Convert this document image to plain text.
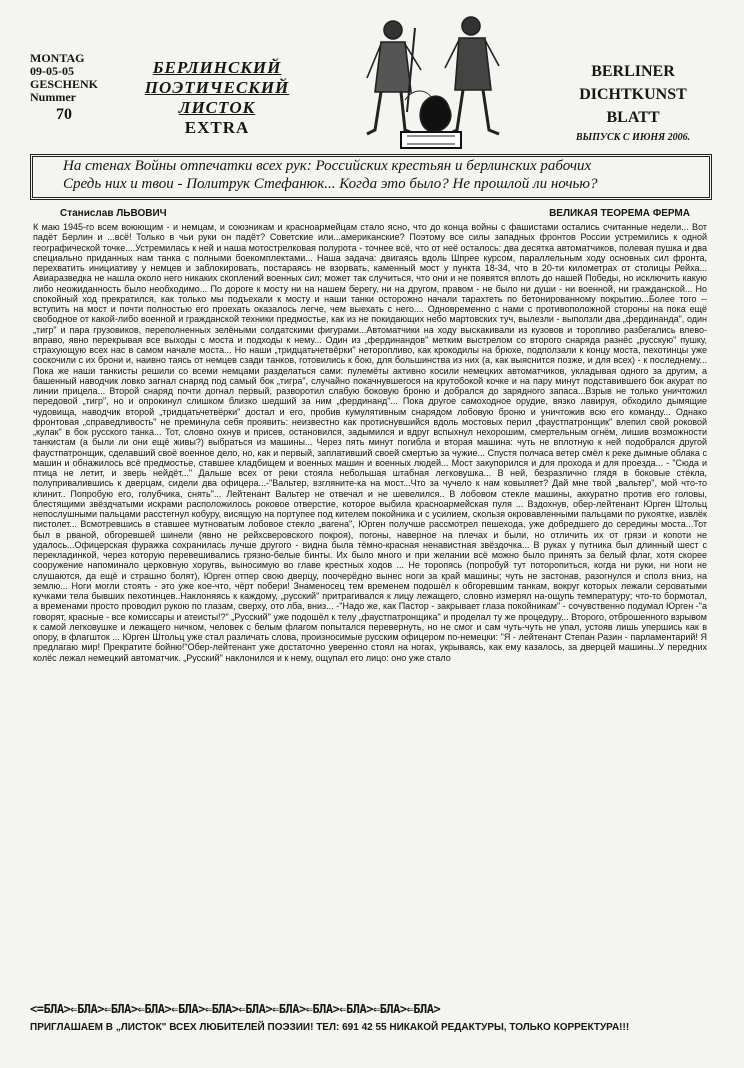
MONTAG
09-05-05
GESCHENK
Nummer
70
БЕРЛИНСКИЙ
ПОЭТИЧЕСКИЙ
ЛИСТОК
EXTRA
BERLINER
DICHTKUNST
BLATT
ВЫПУСК С ИЮНЯ 2006.
На стенах Войны отпечатки всех рук: Российских крестьян и берлинских рабочих
Средь них и твои - Политрук Стефанюк... Когда это было? Не прошлой ли ночью?
Станислав ЛЬВОВИЧ	ВЕЛИКАЯ ТЕОРЕМА ФЕРМА

К маю 1945-го всем воюющим - и немцам, и союзникам и красноармейцам стало ясно, что до конца войны с фашистами остались считанные недели... Вот падёт Берлин и ...всё! Только в чьи руки он падёт? Советские или...американские? Поэтому все силы западных фронтов России устремились к одной географической точке....Устремилась к ней и наша мотострелковая полурота - точнее всё, что от неё осталось: два десятка автоматчиков, полевая пушка и два специально приданных нам танка с полными боекомплектами... Наша задача: двигаясь вдоль Шпрее курсом, параллельным ходу основных сил фронта, перехватить инициативу у немцев и заблокировать, постараясь не взорвать, каменный мост у пункта 18-34, что в 20-ти километрах от столицы Рейха... Авиаразведка не нашла около него никаких скоплений военных сил; может так случиться, что они и не появятся вплоть до нашей Победы, но исключить какую либо неожиданность было необходимо... По дороге к мосту ни на нашем берегу, ни на другом, правом - не было ни души - ни военной, ни гражданской... Но спокойный ход прекратился, как только мы подъехали к мосту и наши танки осторожно начали тарахтеть по бетонированному покрытию...Более того -- вступить на мост и почти полностью его проехать оказалось легче, чем выехать с него.... Одновременно с нами с противоположной стороны на пока ещё свободное от какой-либо военной и гражданской техники предмостье, как из не покидающих небо мартовских туч, вылезли - выползли два „фердинанда", один „тигр" и пара грузовиков, переполненных зелёными солдатскими фигурами...Автоматчики на ходу выскакивали из кузовов и торопливо разбегались влево-вправо, явно перекрывая все выходы с моста и подходы к нему... Один из „фердинандов" метким выстрелом со второго снаряда разнёс „русскую" пушку, страхующую всех нас в самом начале моста... Но наши „тридцатьчетвёрки" неторопливо, как крокодилы на брюхе, подползали к концу моста, пехотинцы уже соскочили с их брони и, наивно таясь от немцев сзади танков, готовились к бою, для большинства из них (а, как выяснится позже, и для всех) - к последнему... Пока же наши танкисты решили со всеми немцами разделаться сами: пулемёты активно косили немецких автоматчиков, укладывая одного за другим, а башенный наводчик ловко загнал снаряд под самый бок „тигра", случайно покачнувшегося на крутобокой кочке и на пару минут подставившего бок акурат по линии прицела... Второй снаряд почти догнал первый, разворотил слабую боковую броню и добрался до зарядного запаса...Взрыв не только уничтожил передовой „тигр", но и опрокинул слишком близко шедший за ним „фердинанд"... Пока другое самоходное орудие, вязко лавируя, обходило дымящие чудовища, наводчик второй „тридцатьчетвёрки" достал и его, пробив кумулятивным снарядом лобовую броню и уничтожив всю его команду... Однако фронтовая „справедливость" не преминула себя проявить: неизвестно как протиснувшийся вдоль мостовых перил „фаустпатронщик" влепил свой роковой „кулак" в бок русского танка... Тот, словно охнув и присев, остановился, задымился и вдруг вспыхнул нехорошим, смертельным огнём, лишив возможности танкистам (а были ли они ещё живы?) выбраться из машины... Через пять минут погибла и вторая машина: чуть не вплотную к ней подобрался другой фаустпатронщик, сделавший своё военное дело, но, как и первый, заплативший своей смертью за чужие... Спустя полчаса ветер смёл к реке дымные облака с машин и обнажилось всё предмостье, ставшее кладбищем и военных машин и военных людей... Мост закупорился и для прохода и для проезда... - "Сюда и птица не летит, и зверь нейдёт..." Дальше всех от реки стояла небольшая штабная легковушка... В ней, безразлично глядя в боковые стёкла, полупривалившись к дверцам, сидели два офицера...-"Вальтер, взгляните-ка на мост...Что за чучело к нам ковыляет? Дай мне твой „вальтер", мой что-то клинит.. Попробую его, голубчика, снять"... Лейтенант Вальтер не отвечал и не шевелился.. В лобовом стекле машины, аккуратно против его головы, блестящими звёздчатыми искрами расположилось роковое отверстие, которое выбила красноармейская пуля ... Вздохнув, обер-лейтенант Юрген Штольц непослушными пальцами расстегнул кобуру, висящую на портупее под кителем покойника и с усилием, скользя окровавленными пальцами по рукоятке, извлёк пистолет... Всмотревшись в ставшее мутноватым лобовое стекло „вагена", Юрген получше рассмотрел пешехода, уже добредшего до середины моста...Тот был в рваной, обгоревшей шинели (явно не рейхсверовского покроя), погоны, наверное на плечах и были, но отличить их от грязи и копоти не удалось...Офицерская фуражка сохранилась лучше другого - видна была тёмно-красная ненавистная звёздочка... В руках у путника был длинный шест с перекладинкой, через которую перевешивались грязно-белые бинты. Их было много и при желании всё можно было принять за белый флаг, хотя скорее сооружение напоминало церковную хоругвь, выносимую во главе крестных ходов ... Не торопясь (попробуй тут поторопиться, когда ни руки, ни ноги не слушаются, да ещё и страшно болят), Юрген отпер свою дверцу, поочерёдно вынес ноги за край машины; чуть не застонав, разогнулся и сполз вниз, на землю... Ноги могли стоять - это уже кое-что, чёрт побери! Знаменосец тем временем подошёл к обгоревшим танкам, вокруг которых лежали сероватыми кучками тела бывших пехотинцев..Наклоняясь к каждому, „русский" притрагивался к лицу лежащего, словно измерял на-ощупь температуру; что-то бормотал, а временами просто проводил рукою по глазам, сверху, ото лба, вниз... -"Надо же, как Пастор - закрывает глаза покойникам" - сочувственно подумал Юрген -"а говорят, красные - все комиссары и атеисты!?" „Русский" уже подошёл к телу „фаустпатронщика" и проделал ту же процедуру... Второго, отброшенного взрывом к самой легковушке и лежащего ничком, человек с белым флагом попытался перевернуть, но не смог и сам чуть-чуть не упал, устояв лишь упершись как в опору, в флагшток ... Юрген Штольц уже стал различать слова, произносимые русским офицером по-немецки: "Я - лейтенант Степан Разин - парламентарий! Я предлагаю мир! Прекратите бойню!"Обер-лейтенант уже достаточно уверенно стоял на ногах, укрываясь, как ему казалось, за дверцей машины..У передних колёс лежал немецкий автоматчик. „Русский" наклонился и к нему, ощупал его лицо: оно уже стало

<=БЛА>⇐БЛА>⇐БЛА>⇐БЛА>⇐БЛА>⇐БЛА>⇐БЛА>⇐БЛА>⇐БЛА>⇐БЛА>⇐БЛА>⇐БЛА>
ПРИГЛАШАЕМ В „ЛИСТОК" ВСЕХ ЛЮБИТЕЛЕЙ ПОЭЗИИ! ТЕЛ: 691 42 55 НИКАКОЙ РЕДАКТУРЫ, ТОЛЬКО КОРРЕКТУРА!!!
